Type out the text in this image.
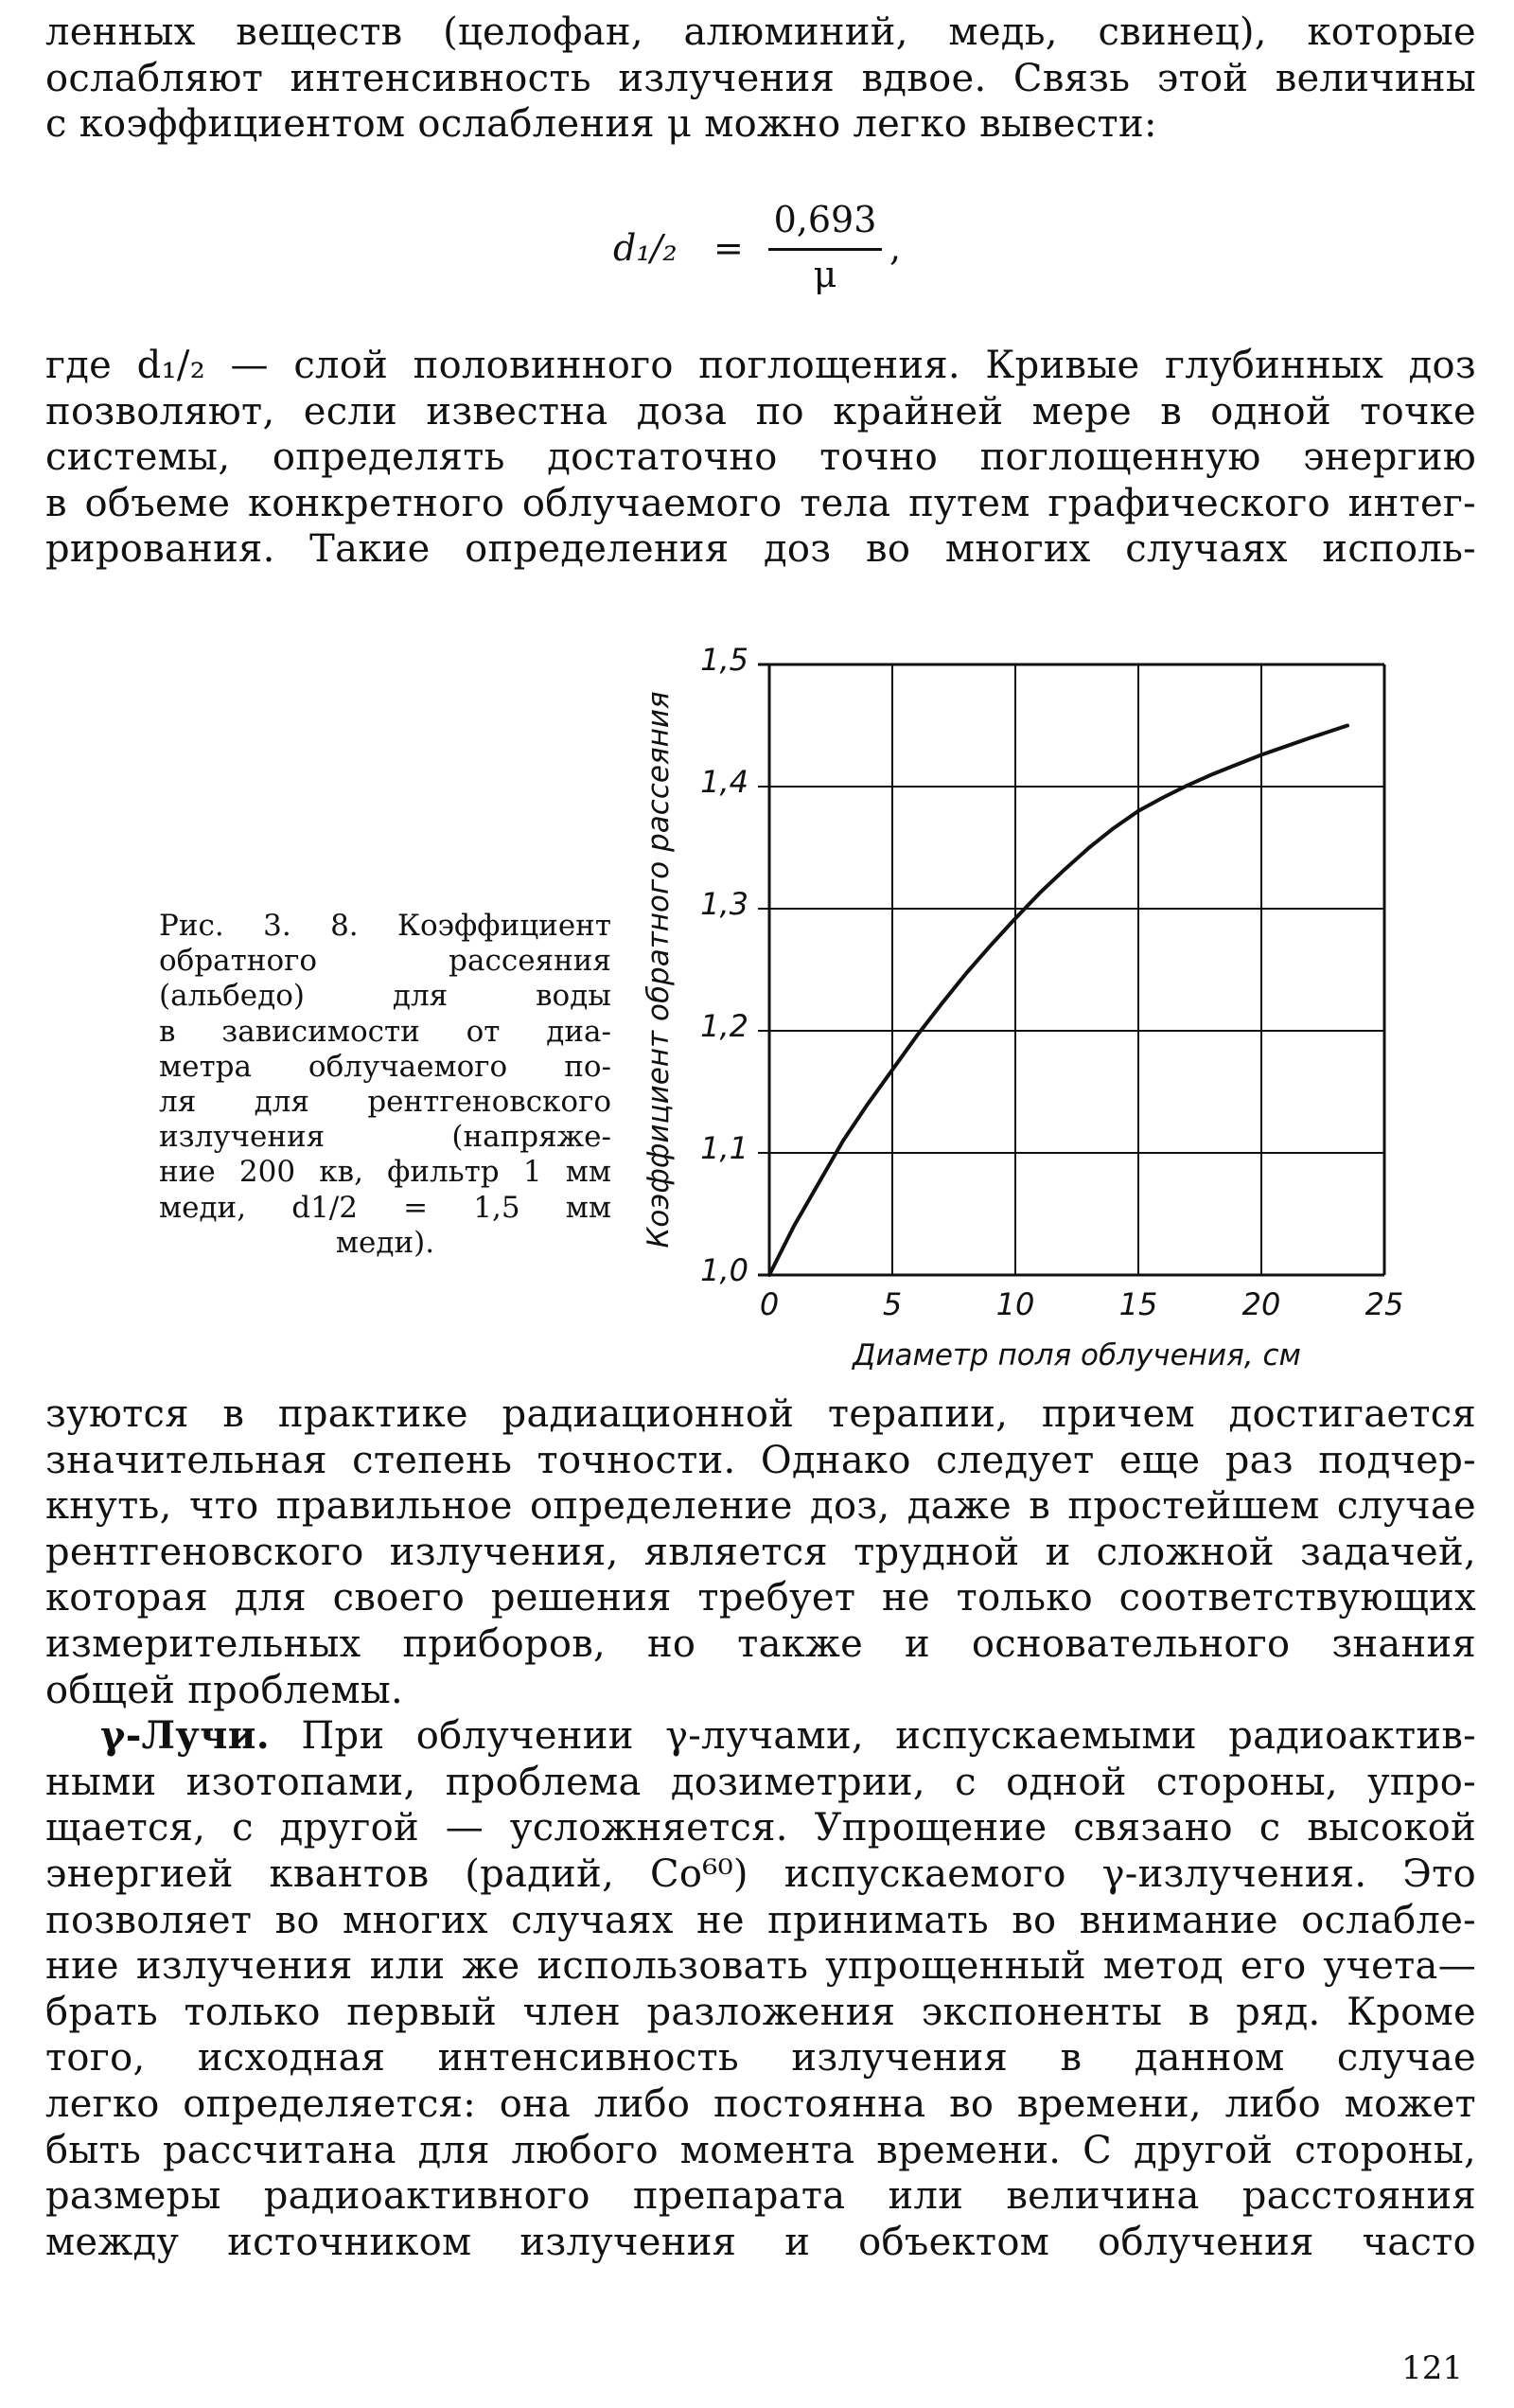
ленных веществ (целофан, алюминий, медь, свинец), которые
ослабляют интенсивность излучения вдвое. Связь этой величины
с коэффициентом ослабления μ можно легко вывести:

d₁/₂ =
0,693
μ
,

где d₁/₂ — слой половинного поглощения. Кривые глубинных доз
позволяют, если известна доза по крайней мере в одной точке
системы, определять достаточно точно поглощенную энергию
в объеме конкретного облучаемого тела путем графического интег-
рирования. Такие определения доз во многих случаях исполь-

Рис. 3. 8. Коэффициент
обратного рассеяния
(альбедо) для воды
в зависимости от диа-
метра облучаемого по-
ля для рентгеновского
излучения (напряже-
ние 200 кв, фильтр 1 мм
меди, d1/2 = 1,5 мм
меди).
0	5	10	15	20	25
1,0
1,1
1,2
1,3
1,4
1,5
Диаметр поля облучения, см
Коэффициент обратного рассеяния

зуются в практике радиационной терапии, причем достигается
значительная степень точности. Однако следует еще раз подчер-
кнуть, что правильное определение доз, даже в простейшем случае
рентгеновского излучения, является трудной и сложной задачей,
которая для своего решения требует не только соответствующих
измерительных приборов, но также и основательного знания
общей проблемы.

γ-Лучи. При облучении γ-лучами, испускаемыми радиоактив-
ными изотопами, проблема дозиметрии, с одной стороны, упро-
щается, с другой — усложняется. Упрощение связано с высокой
энергией квантов (радий, Co⁶⁰) испускаемого γ-излучения. Это
позволяет во многих случаях не принимать во внимание ослабле-
ние излучения или же использовать упрощенный метод его учета—
брать только первый член разложения экспоненты в ряд. Кроме
того, исходная интенсивность излучения в данном случае
легко определяется: она либо постоянна во времени, либо может
быть рассчитана для любого момента времени. С другой стороны,
размеры радиоактивного препарата или величина расстояния
между источником излучения и объектом облучения часто

121
